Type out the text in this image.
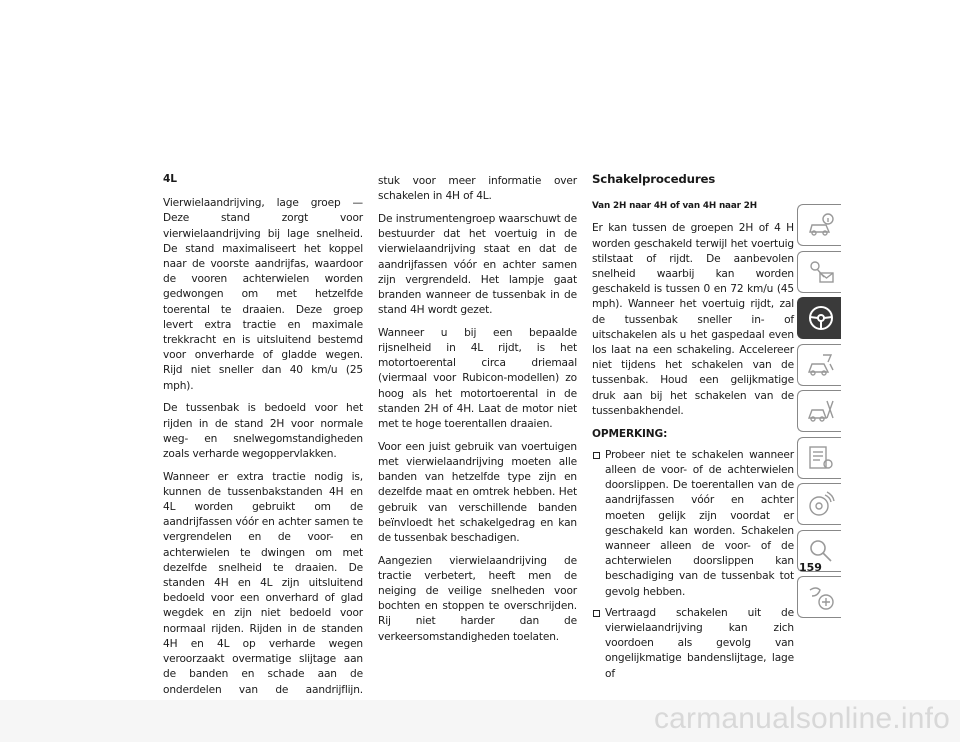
4L

Vierwielaandrijving, lage groep — Deze stand zorgt voor vierwielaandrijving bij lage snelheid. De stand maximaliseert het koppel naar de voorste aandrijfas, waardoor de vooren achterwielen worden gedwongen om met hetzelfde toerental te draaien. Deze groep levert extra tractie en maximale trekkracht en is uitsluitend bestemd voor onverharde of gladde wegen. Rijd niet sneller dan 40 km/u (25 mph).

De tussenbak is bedoeld voor het rijden in de stand 2H voor normale weg- en snelwegomstandigheden zoals verharde wegoppervlakken.

Wanneer er extra tractie nodig is, kunnen de tussenbakstanden 4H en 4L worden gebruikt om de aandrijfassen vóór en achter samen te vergrendelen en de voor- en achterwielen te dwingen om met dezelfde snelheid te draaien. De standen 4H en 4L zijn uitsluitend bedoeld voor een onverhard of glad wegdek en zijn niet bedoeld voor normaal rijden. Rijden in de standen 4H en 4L op verharde wegen veroorzaakt overmatige slijtage aan de banden en schade aan de onderdelen van de aandrijflijn.

stuk voor meer informatie over schakelen in 4H of 4L.

De instrumentengroep waarschuwt de bestuurder dat het voertuig in de vierwielaandrijving staat en dat de aandrijfassen vóór en achter samen zijn vergrendeld. Het lampje gaat branden wanneer de tussenbak in de stand 4H wordt gezet.

Wanneer u bij een bepaalde rijsnelheid in 4L rijdt, is het motortoerental circa driemaal (viermaal voor Rubicon-modellen) zo hoog als het motortoerental in de standen 2H of 4H. Laat de motor niet met te hoge toerentallen draaien.

Voor een juist gebruik van voertuigen met vierwielaandrijving moeten alle banden van hetzelfde type zijn en dezelfde maat en omtrek hebben. Het gebruik van verschillende banden beïnvloedt het schakelgedrag en kan de tussenbak beschadigen.

Aangezien vierwielaandrijving de tractie verbetert, heeft men de neiging de veilige snelheden voor bochten en stoppen te overschrijden. Rij niet harder dan de verkeersomstandigheden toelaten.

Schakelprocedures

Van 2H naar 4H of van 4H naar 2H

Er kan tussen de groepen 2H of 4 H worden geschakeld terwijl het voertuig stilstaat of rijdt. De aanbevolen snelheid waarbij kan worden geschakeld is tussen 0 en 72 km/u (45 mph). Wanneer het voertuig rijdt, zal de tussenbak sneller in- of uitschakelen als u het gaspedaal even los laat na een schakeling. Accelereer niet tijdens het schakelen van de tussenbak. Houd een gelijkmatige druk aan bij het schakelen van de tussenbakhendel.

OPMERKING:

Probeer niet te schakelen wanneer alleen de voor- of de achterwielen doorslippen. De toerentallen van de aandrijfassen vóór en achter moeten gelijk zijn voordat er geschakeld kan worden. Schakelen wanneer alleen de voor- of de achterwielen doorslippen kan beschadiging van de tussenbak tot gevolg hebben.
Vertraagd schakelen uit de vierwielaandrijving kan zich voordoen als gevolg van ongelijkmatige bandenslijtage, lage of
159
carmanualsonline.info
